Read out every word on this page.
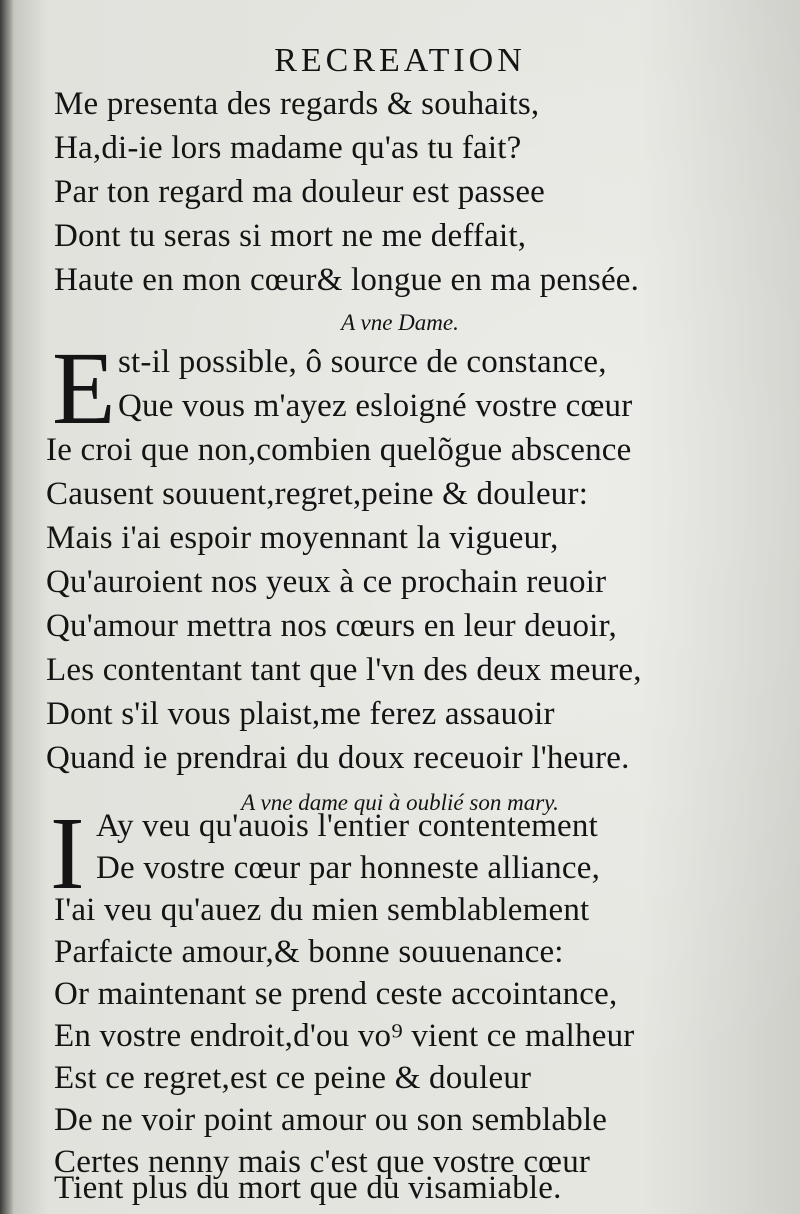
RECREATION
Me presenta des regards & souhaits,
Ha,di-ie lors madame qu'as tu fait?
Par ton regard ma douleur est passee
Dont tu seras si mort ne me deffait,
Haute en mon cœur& longue en ma pensée.
A vne Dame.
E st-il possible, ô source de constance,
Que vous m'ayez esloigné vostre cœur
Ie croi que non,combien quelõgue abscence
Causent souuent,regret,peine & douleur:
Mais i'ai espoir moyennant la vigueur,
Qu'auroient nos yeux à ce prochain reuoir
Qu'amour mettra nos cœurs en leur deuoir,
Les contentant tant que l'vn des deux meure,
Dont s'il vous plaist,me ferez assauoir
Quand ie prendrai du doux receuoir l'heure.
A vne dame qui à oublié son mary.
I Ay veu qu'auois l'entier contentement
De vostre cœur par honneste alliance,
I'ai veu qu'auez du mien semblablement
Parfaicte amour,& bonne souuenance:
Or maintenant se prend ceste accointance,
En vostre endroit,d'ou vo⁹ vient ce malheur
Est ce regret,est ce peine & douleur
De ne voir point amour ou son semblable
Certes nenny mais c'est que vostre cœur
Tient plus du mort que du visamiable.
